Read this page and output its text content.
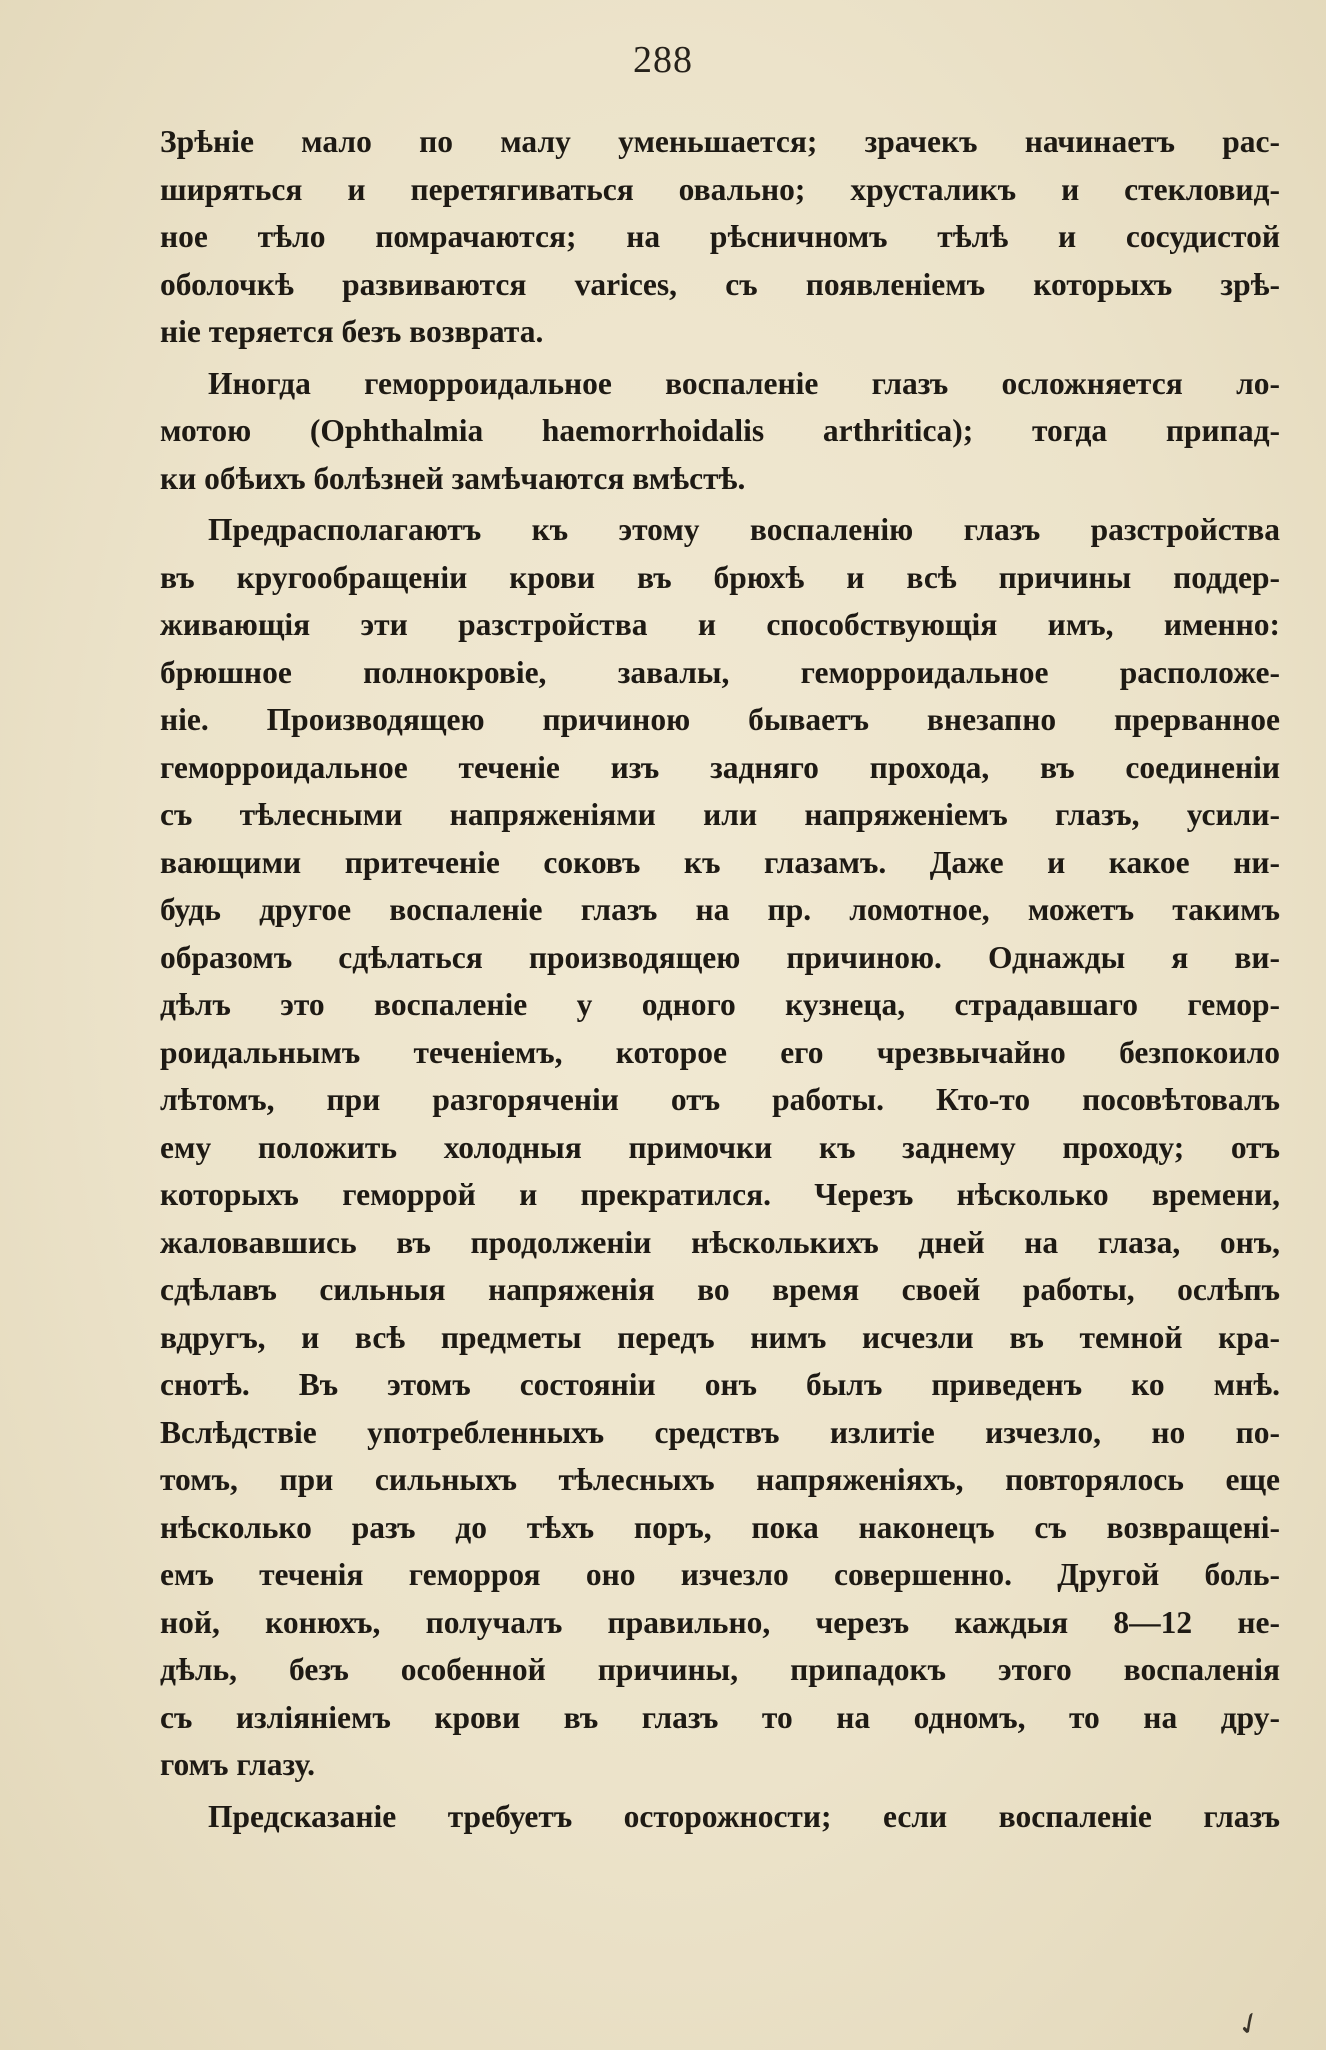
288
Зрѣніе мало по малу уменьшается; зрачекъ начинаетъ рас-
ширяться и перетягиваться овально; хрусталикъ и стекловид-
ное тѣло помрачаются; на рѣсничномъ тѣлѣ и сосудистой
оболочкѣ развиваются varices, съ появленіемъ которыхъ зрѣ-
ніе теряется безъ возврата.
Иногда геморроидальное воспаленіе глазъ осложняется ло-
мотою (Ophthalmia haemorrhoidalis arthritica); тогда припад-
ки обѣихъ болѣзней замѣчаются вмѣстѣ.
Предрасполагаютъ къ этому воспаленію глазъ разстройства
въ кругообращеніи крови въ брюхѣ и всѣ причины поддер-
живающія эти разстройства и способствующія имъ, именно:
брюшное полнокровіе, завалы, геморроидальное расположе-
ніе. Производящею причиною бываетъ внезапно прерванное
геморроидальное теченіе изъ задняго прохода, въ соединеніи
съ тѣлесными напряженіями или напряженіемъ глазъ, усили-
вающими притеченіе соковъ къ глазамъ. Даже и какое ни-
будь другое воспаленіе глазъ на пр. ломотное, можетъ такимъ
образомъ сдѣлаться производящею причиною. Однажды я ви-
дѣлъ это воспаленіе у одного кузнеца, страдавшаго гемор-
роидальнымъ теченіемъ, которое его чрезвычайно безпокоило
лѣтомъ, при разгоряченіи отъ работы. Кто-то посовѣтовалъ
ему положить холодныя примочки къ заднему проходу; отъ
которыхъ геморрой и прекратился. Черезъ нѣсколько времени,
жаловавшись въ продолженіи нѣсколькихъ дней на глаза, онъ,
сдѣлавъ сильныя напряженія во время своей работы, ослѣпъ
вдругъ, и всѣ предметы передъ нимъ исчезли въ темной кра-
снотѣ. Въ этомъ состояніи онъ былъ приведенъ ко мнѣ.
Вслѣдствіе употребленныхъ средствъ излитіе изчезло, но по-
томъ, при сильныхъ тѣлесныхъ напряженіяхъ, повторялось еще
нѣсколько разъ до тѣхъ поръ, пока наконецъ съ возвращені-
емъ теченія геморроя оно изчезло совершенно. Другой боль-
ной, конюхъ, получалъ правильно, черезъ каждыя 8—12 не-
дѣль, безъ особенной причины, припадокъ этого воспаленія
съ изліяніемъ крови въ глазъ то на одномъ, то на дру-
гомъ глазу.
Предсказаніе требуетъ осторожности; если воспаленіе глазъ
✓
